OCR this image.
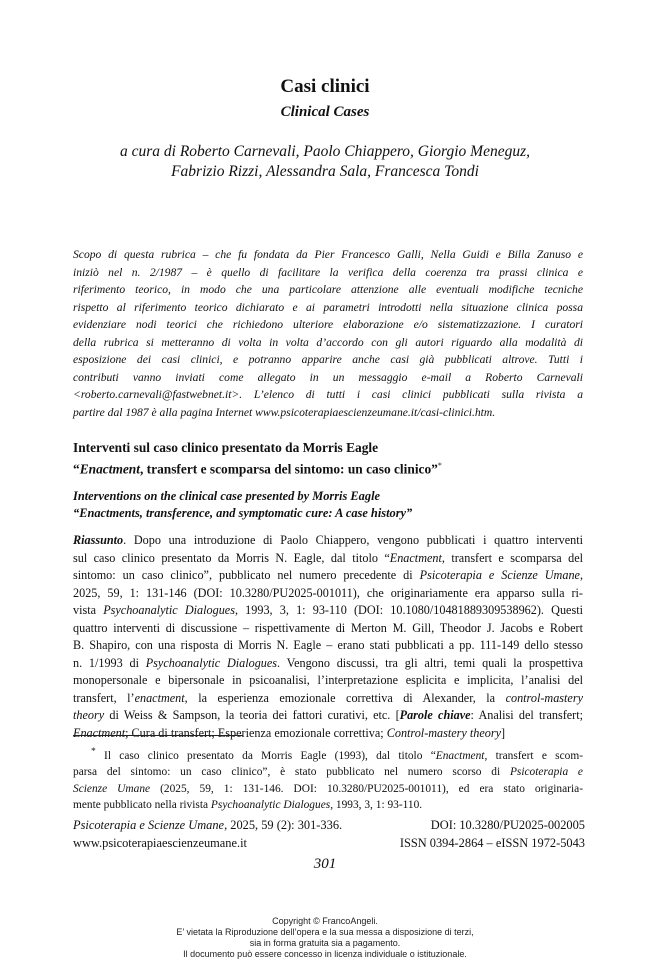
Casi clinici
Clinical Cases
a cura di Roberto Carnevali, Paolo Chiappero, Giorgio Meneguz,
Fabrizio Rizzi, Alessandra Sala, Francesca Tondi
Scopo di questa rubrica – che fu fondata da Pier Francesco Galli, Nella Guidi e Billa Zanuso e
iniziò nel n. 2/1987 – è quello di facilitare la verifica della coerenza tra prassi clinica e
riferimento teorico, in modo che una particolare attenzione alle eventuali modifiche tecniche
rispetto al riferimento teorico dichiarato e ai parametri introdotti nella situazione clinica possa
evidenziare nodi teorici che richiedono ulteriore elaborazione e/o sistematizzazione. I curatori
della rubrica si metteranno di volta in volta d’accordo con gli autori riguardo alla modalità di
esposizione dei casi clinici, e potranno apparire anche casi già pubblicati altrove. Tutti i
contributi vanno inviati come allegato in un messaggio e-mail a Roberto Carnevali
<roberto.carnevali@fastwebnet.it>. L’elenco di tutti i casi clinici pubblicati sulla rivista a
partire dal 1987 è alla pagina Internet www.psicoterapiaescienzeumane.it/casi-clinici.htm.
Interventi sul caso clinico presentato da Morris Eagle
“Enactment, transfert e scomparsa del sintomo: un caso clinico”*
Interventions on the clinical case presented by Morris Eagle
“Enactments, transference, and symptomatic cure: A case history”
Riassunto. Dopo una introduzione di Paolo Chiappero, vengono pubblicati i quattro interventi
sul caso clinico presentato da Morris N. Eagle, dal titolo “Enactment, transfert e scomparsa del
sintomo: un caso clinico”, pubblicato nel numero precedente di Psicoterapia e Scienze Umane,
2025, 59, 1: 131-146 (DOI: 10.3280/PU2025-001011), che originariamente era apparso sulla ri-
vista Psychoanalytic Dialogues, 1993, 3, 1: 93-110 (DOI: 10.1080/10481889309538962). Questi
quattro interventi di discussione – rispettivamente di Merton M. Gill, Theodor J. Jacobs e Robert
B. Shapiro, con una risposta di Morris N. Eagle – erano stati pubblicati a pp. 111-149 dello stesso
n. 1/1993 di Psychoanalytic Dialogues. Vengono discussi, tra gli altri, temi quali la prospettiva
monopersonale e bipersonale in psicoanalisi, l’interpretazione esplicita e implicita, l’analisi del
transfert, l’enactment, la esperienza emozionale correttiva di Alexander, la control-mastery
theory di Weiss & Sampson, la teoria dei fattori curativi, etc. [Parole chiave: Analisi del transfert;
Enactment; Cura di transfert; Esperienza emozionale correttiva; Control-mastery theory]
* Il caso clinico presentato da Morris Eagle (1993), dal titolo “Enactment, transfert e scom-
parsa del sintomo: un caso clinico”, è stato pubblicato nel numero scorso di Psicoterapia e
Scienze Umane (2025, 59, 1: 131-146. DOI: 10.3280/PU2025-001011), ed era stato originaria-
mente pubblicato nella rivista Psychoanalytic Dialogues, 1993, 3, 1: 93-110.
Psicoterapia e Scienze Umane, 2025, 59 (2): 301-336.	DOI: 10.3280/PU2025-002005
www.psicoterapiaescienzeumane.it	ISSN 0394-2864 – eISSN 1972-5043
301
Copyright © FrancoAngeli.
E’ vietata la Riproduzione dell’opera e la sua messa a disposizione di terzi,
sia in forma gratuita sia a pagamento.
Il documento può essere concesso in licenza individuale o istituzionale.
